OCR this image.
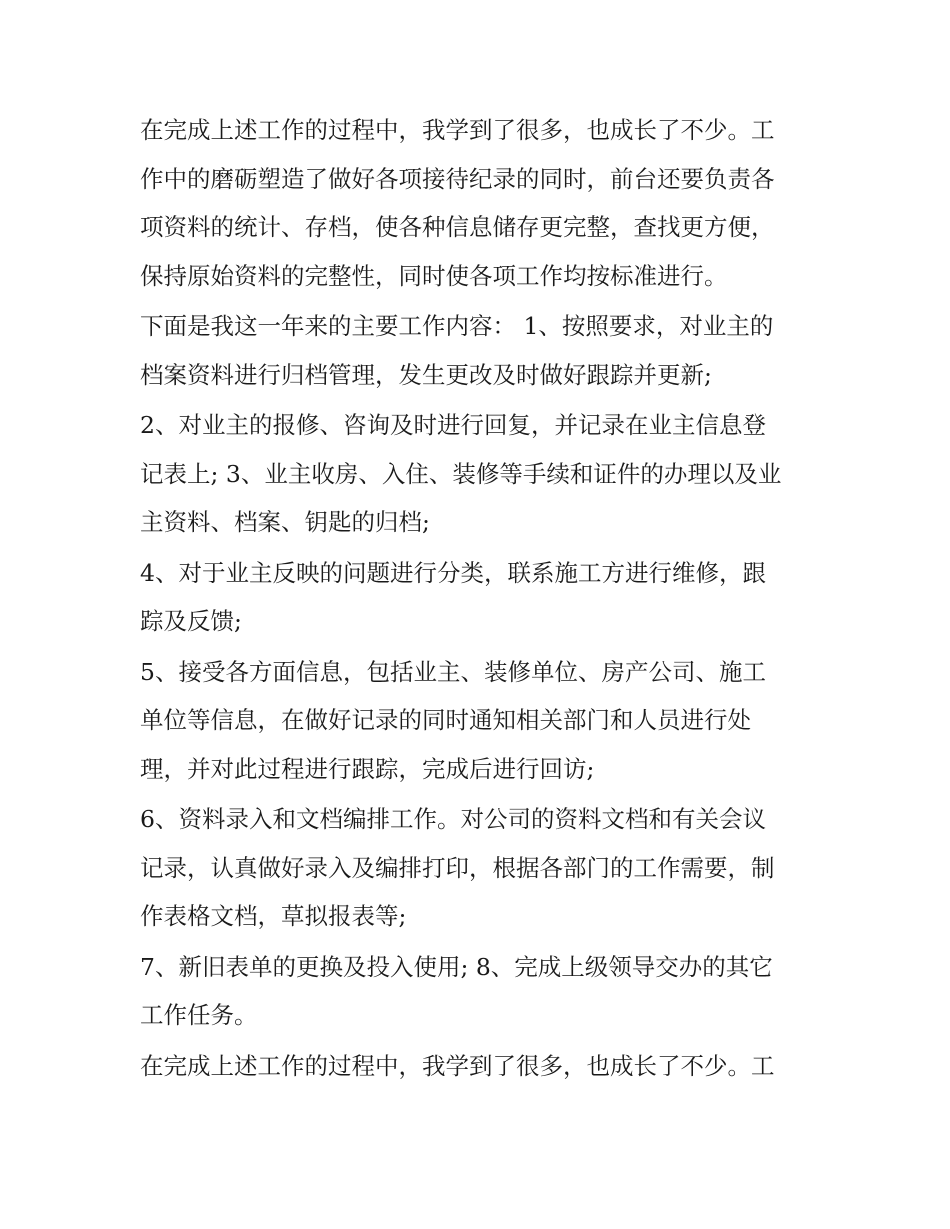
在完成上述工作的过程中，我学到了很多，也成长了不少。工
作中的磨砺塑造了做好各项接待纪录的同时，前台还要负责各
项资料的统计、存档，使各种信息储存更完整，查找更方便，
保持原始资料的完整性，同时使各项工作均按标准进行。
下面是我这一年来的主要工作内容： 1、按照要求，对业主的
档案资料进行归档管理，发生更改及时做好跟踪并更新;
2、对业主的报修、咨询及时进行回复，并记录在业主信息登
记表上; 3、业主收房、入住、装修等手续和证件的办理以及业
主资料、档案、钥匙的归档;
4、对于业主反映的问题进行分类，联系施工方进行维修，跟
踪及反馈;
5、接受各方面信息，包括业主、装修单位、房产公司、施工
单位等信息，在做好记录的同时通知相关部门和人员进行处
理，并对此过程进行跟踪，完成后进行回访;
6、资料录入和文档编排工作。对公司的资料文档和有关会议
记录，认真做好录入及编排打印，根据各部门的工作需要，制
作表格文档，草拟报表等;
7、新旧表单的更换及投入使用; 8、完成上级领导交办的其它
工作任务。
在完成上述工作的过程中，我学到了很多，也成长了不少。工
